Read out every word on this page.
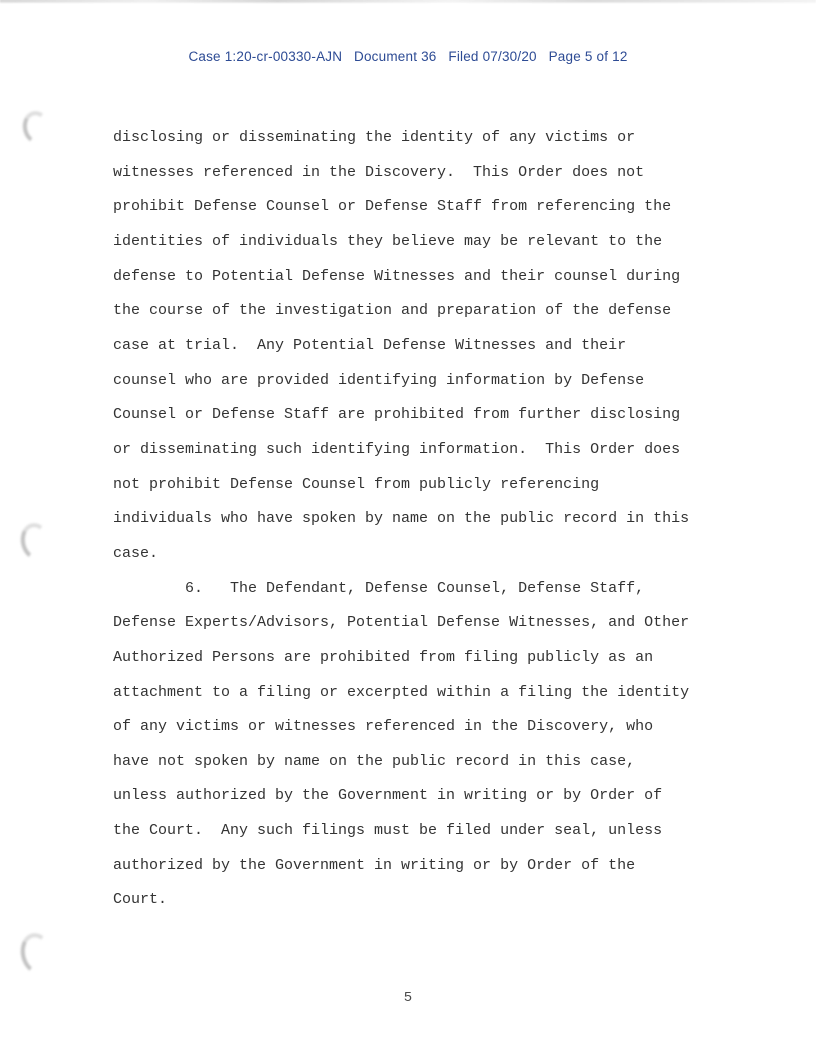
Case 1:20-cr-00330-AJN   Document 36   Filed 07/30/20   Page 5 of 12
disclosing or disseminating the identity of any victims or
witnesses referenced in the Discovery.  This Order does not
prohibit Defense Counsel or Defense Staff from referencing the
identities of individuals they believe may be relevant to the
defense to Potential Defense Witnesses and their counsel during
the course of the investigation and preparation of the defense
case at trial.  Any Potential Defense Witnesses and their
counsel who are provided identifying information by Defense
Counsel or Defense Staff are prohibited from further disclosing
or disseminating such identifying information.  This Order does
not prohibit Defense Counsel from publicly referencing
individuals who have spoken by name on the public record in this
case.
6.   The Defendant, Defense Counsel, Defense Staff,
Defense Experts/Advisors, Potential Defense Witnesses, and Other
Authorized Persons are prohibited from filing publicly as an
attachment to a filing or excerpted within a filing the identity
of any victims or witnesses referenced in the Discovery, who
have not spoken by name on the public record in this case,
unless authorized by the Government in writing or by Order of
the Court.  Any such filings must be filed under seal, unless
authorized by the Government in writing or by Order of the
Court.
5
